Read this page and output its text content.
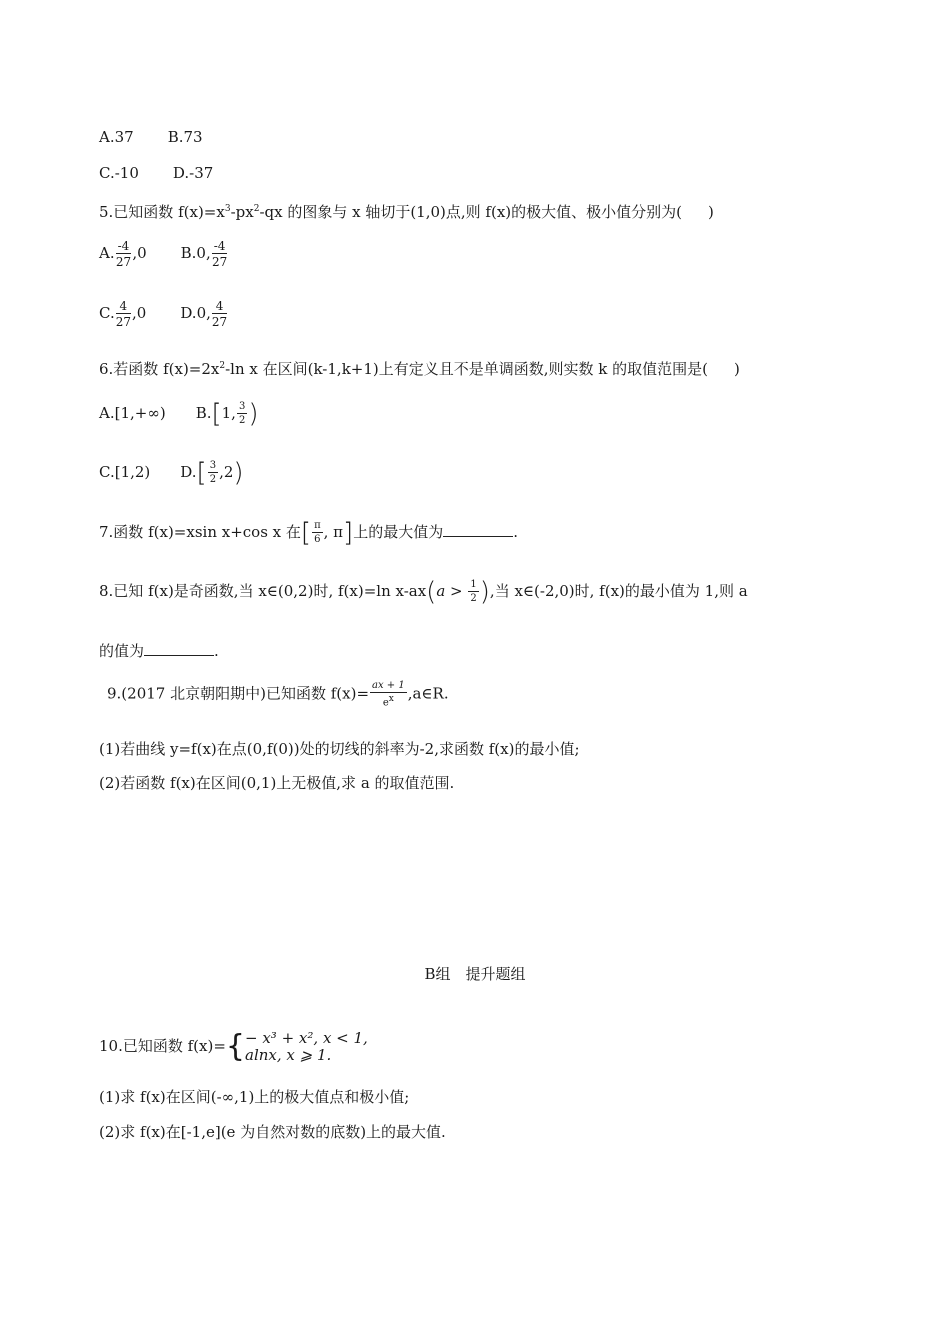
A.37 B.73
C.-10 D.-37
5.已知函数 $f(x)=x^3-px^2-qx$ 的图象与 x 轴切于(1,0)点,则 f(x)的极大值、极小值分别为( )
A. $\frac{-4}{27} ,0$ B.0, $\frac{-4}{27}$
C. $\frac{4}{27} ,0$ D.0, $\frac{4}{27}$
6.若函数 $f(x)=2x^2-\ln$ x 在区间(k-1,k+1)上有定义且不是单调函数,则实数 k 的取值范围是( )
A.[1,+∞) B.[1, $\frac{3}{2}$ )
C.[1,2) $D.[ \frac{3}{2} ,2)$
7.函数 f(x)=xsin x+cos x 在[ $\frac{\pi}{6}$ , π]上的最大值为	.
8.已知 f(x)是奇函数,当 x∈(0,2)时, f(x)=ln $x-ax(a > \frac{1}{2}$ ),当 x∈(-2,0)时, f(x)的最小值为 1,则 a
的值为	.
9.(2017 北京朝阳期中)已知函数 $f(x)= \frac{ax + 1}{ex}$ ,a∈R.
(1)若曲线 y=f(x)在点(0,f(0))处的切线的斜率为-2,求函数 f(x)的最小值;
(2)若函数 f(x)在区间(0,1)上无极值,求 a 的取值范围.
B组　提升题组
10.已知函数 f(x)={ − x³ + x², x < 1,
alnx, x ⩾ 1.
(1)求 f(x)在区间(-∞,1)上的极大值点和极小值;
(2)求 f(x)在[-1,e](e 为自然对数的底数)上的最大值.
